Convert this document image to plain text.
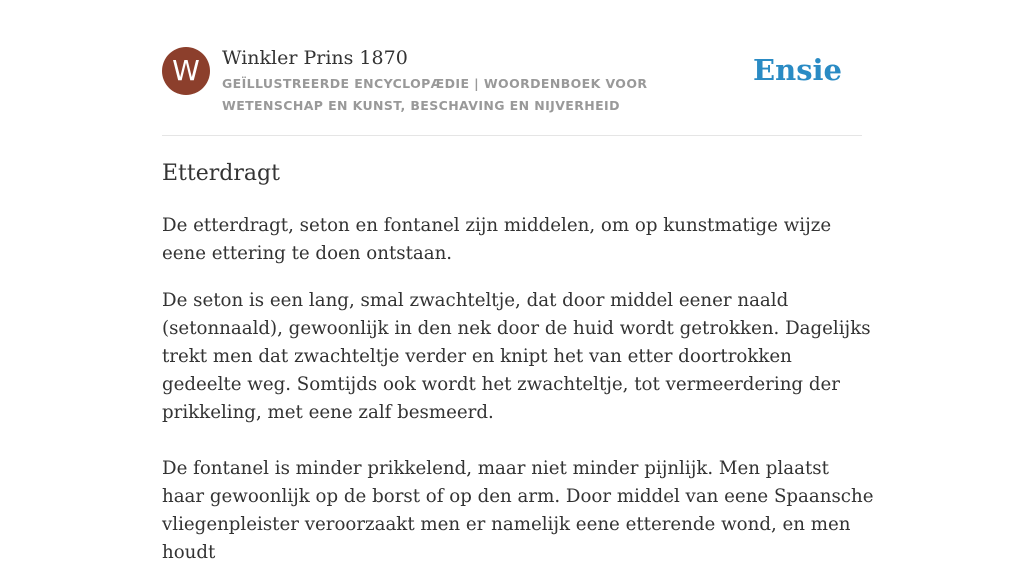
W	Winkler Prins 1870
GEÏLLUSTREERDE ENCYCLOPÆDIE | WOORDENBOEK VOOR WETENSCHAP EN KUNST, BESCHAVING EN NIJVERHEID
Ensie
Etterdragt

De etterdragt, seton en fontanel zijn middelen, om op kunstmatige wijze eene ettering te doen ontstaan.

De seton is een lang, smal zwachteltje, dat door middel eener naald (setonnaald), gewoonlijk in den nek door de huid wordt getrokken. Dagelijks trekt men dat zwachteltje verder en knipt het van etter doortrokken gedeelte weg. Somtijds ook wordt het zwachteltje, tot vermeerdering der prikkeling, met eene zalf besmeerd.

De fontanel is minder prikkelend, maar niet minder pijnlijk. Men plaatst haar gewoonlijk op de borst of op den arm. Door middel van eene Spaansche vliegenpleister veroorzaakt men er namelijk eene etterende wond, en men houdt
